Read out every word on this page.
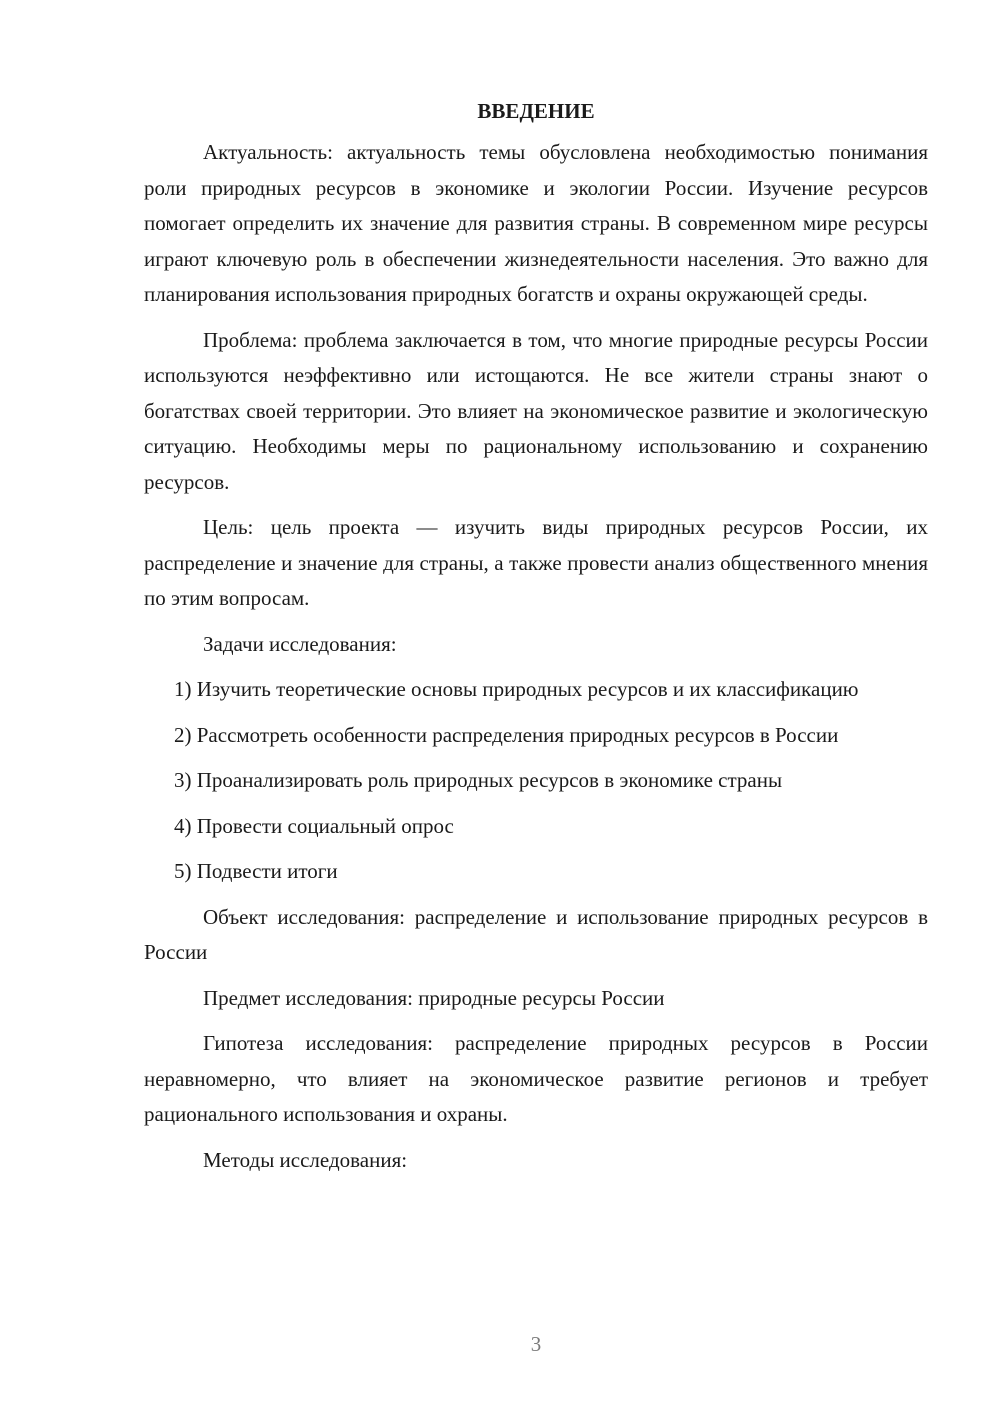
ВВЕДЕНИЕ

Актуальность: актуальность темы обусловлена необходимостью понимания роли природных ресурсов в экономике и экологии России. Изучение ресурсов помогает определить их значение для развития страны. В современном мире ресурсы играют ключевую роль в обеспечении жизнедеятельности населения. Это важно для планирования использования природных богатств и охраны окружающей среды.

Проблема: проблема заключается в том, что многие природные ресурсы России используются неэффективно или истощаются. Не все жители страны знают о богатствах своей территории. Это влияет на экономическое развитие и экологическую ситуацию. Необходимы меры по рациональному использованию и сохранению ресурсов.

Цель: цель проекта — изучить виды природных ресурсов России, их распределение и значение для страны, а также провести анализ общественного мнения по этим вопросам.

Задачи исследования:

1) Изучить теоретические основы природных ресурсов и их классификацию

2) Рассмотреть особенности распределения природных ресурсов в России

3) Проанализировать роль природных ресурсов в экономике страны

4) Провести социальный опрос

5) Подвести итоги

Объект исследования: распределение и использование природных ресурсов в России

Предмет исследования: природные ресурсы России

Гипотеза исследования: распределение природных ресурсов в России неравномерно, что влияет на экономическое развитие регионов и требует рационального использования и охраны.

Методы исследования:

3
